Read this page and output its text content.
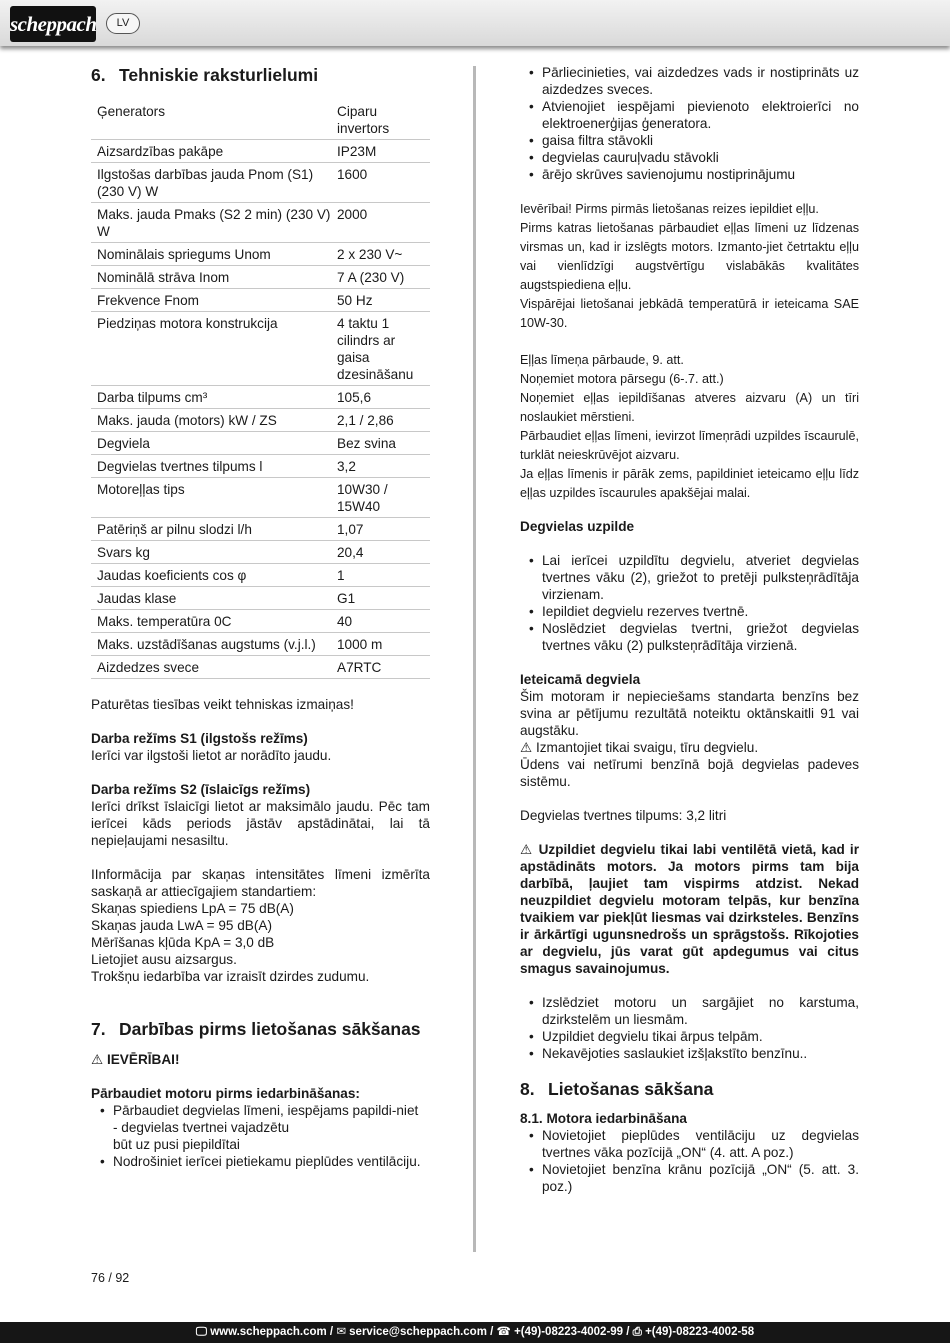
scheppach	LV
6. Tehniskie raksturlielumi
Ģenerators	Ciparu invertors
Aizsardzības pakāpe	IP23M
Ilgstošas darbības jauda Pnom (S1) (230 V) W	1600
Maks. jauda Pmaks (S2 2 min) (230 V) W	2000
Nominālais spriegums Unom	2 x 230 V~
Nominālā strāva Inom	7 A (230 V)
Frekvence Fnom	50 Hz
Piedziņas motora konstrukcija	4 taktu 1 cilindrs ar gaisa dzesināšanu
Darba tilpums cm³	105,6
Maks. jauda (motors) kW / ZS	2,1 / 2,86
Degviela	Bez svina
Degvielas tvertnes tilpums l	3,2
Motoreļļas tips	10W30 / 15W40
Patēriņš ar pilnu slodzi l/h	1,07
Svars kg	20,4
Jaudas koeficients cos φ	1
Jaudas klase	G1
Maks. temperatūra 0C	40
Maks. uzstādīšanas augstums (v.j.l.)	1000 m
Aizdedzes svece	A7RTC

Paturētas tiesības veikt tehniskas izmaiņas!

Darba režīms S1 (ilgstošs režīms)

Ierīci var ilgstoši lietot ar norādīto jaudu.

Darba režīms S2 (īslaicīgs režīms)

Ierīci drīkst īslaicīgi lietot ar maksimālo jaudu. Pēc tam ierīcei kāds periods jāstāv apstādinātai, lai tā nepieļaujami nesasiltu.

IInformācija par skaņas intensitātes līmeni izmērīta saskaņā ar attiecīgajiem standartiem:

Skaņas spiediens LpA = 75 dB(A)

Skaņas jauda LwA = 95 dB(A)

Mērīšanas kļūda KpA = 3,0 dB

Lietojiet ausu aizsargus.

Trokšņu iedarbība var izraisīt dzirdes zudumu.

7. Darbības pirms lietošanas sākšanas

⚠ IEVĒRĪBAI!

Pārbaudiet motoru pirms iedarbināšanas:

• Pārbaudiet degvielas līmeni, iespējams papildi-niet
- degvielas tvertnei vajadzētu
būt uz pusi piepildītai
• Nodrošiniet ierīcei pietiekamu pieplūdes ventilāciju.
• Pārliecinieties, vai aizdedzes vads ir nostiprināts uz aizdedzes sveces.
• Atvienojiet iespējami pievienoto elektroierīci no elektroenerģijas ģeneratora.
• gaisa filtra stāvokli
• degvielas cauruļvadu stāvokli
• ārējo skrūves savienojumu nostiprinājumu

Ievērībai! Pirms pirmās lietošanas reizes iepildiet eļļu.

Pirms katras lietošanas pārbaudiet eļļas līmeni uz līdzenas virsmas un, kad ir izslēgts motors. Izmanto-jiet četrtaktu eļļu vai vienlīdzīgi augstvērtīgu vislabākās kvalitātes augstspiediena eļļu.

Vispārējai lietošanai jebkādā temperatūrā ir ieteicama SAE 10W-30.

Eļļas līmeņa pārbaude, 9. att.

Noņemiet motora pārsegu (6-.7. att.)

Noņemiet eļļas iepildīšanas atveres aizvaru (A) un tīri noslaukiet mērstieni.

Pārbaudiet eļļas līmeni, ievirzot līmeņrādi uzpildes īscaurulē, turklāt neieskrūvējot aizvaru.

Ja eļļas līmenis ir pārāk zems, papildiniet ieteicamo eļļu līdz eļļas uzpildes īscaurules apakšējai malai.

Degvielas uzpilde

• Lai ierīcei uzpildītu degvielu, atveriet degvielas tvertnes vāku (2), griežot to pretēji pulksteņrādītāja virzienam.
• Iepildiet degvielu rezerves tvertnē.
• Noslēdziet degvielas tvertni, griežot degvielas tvertnes vāku (2) pulksteņrādītāja virzienā.

Ieteicamā degviela

Šim motoram ir nepieciešams standarta benzīns bez svina ar pētījumu rezultātā noteiktu oktānskaitli 91 vai augstāku.

⚠ Izmantojiet tikai svaigu, tīru degvielu.

Ūdens vai netīrumi benzīnā bojā degvielas padeves sistēmu.

Degvielas tvertnes tilpums: 3,2 litri

⚠ Uzpildiet degvielu tikai labi ventilētā vietā, kad ir apstādināts motors. Ja motors pirms tam bija darbībā, ļaujiet tam vispirms atdzist. Nekad neuzpildiet degvielu motoram telpās, kur benzīna tvaikiem var piekļūt liesmas vai dzirksteles. Benzīns ir ārkārtīgi ugunsnedrošs un sprāgstošs. Rīkojoties ar degvielu, jūs varat gūt apdegumus vai citus smagus savainojumus.

• Izslēdziet motoru un sargājiet no karstuma, dzirkstelēm un liesmām.
• Uzpildiet degvielu tikai ārpus telpām.
• Nekavējoties saslaukiet izšļakstīto benzīnu..
8. Lietošanas sākšana

8.1. Motora iedarbināšana

• Novietojiet pieplūdes ventilāciju uz degvielas tvertnes vāka pozīcijā „ON“ (4. att. A poz.)
• Novietojiet benzīna krānu pozīcijā „ON“ (5. att. 3. poz.)
76 / 92
🖵 www.scheppach.com / ✉ service@scheppach.com / ☎ +(49)-08223-4002-99 / ⎙ +(49)-08223-4002-58
